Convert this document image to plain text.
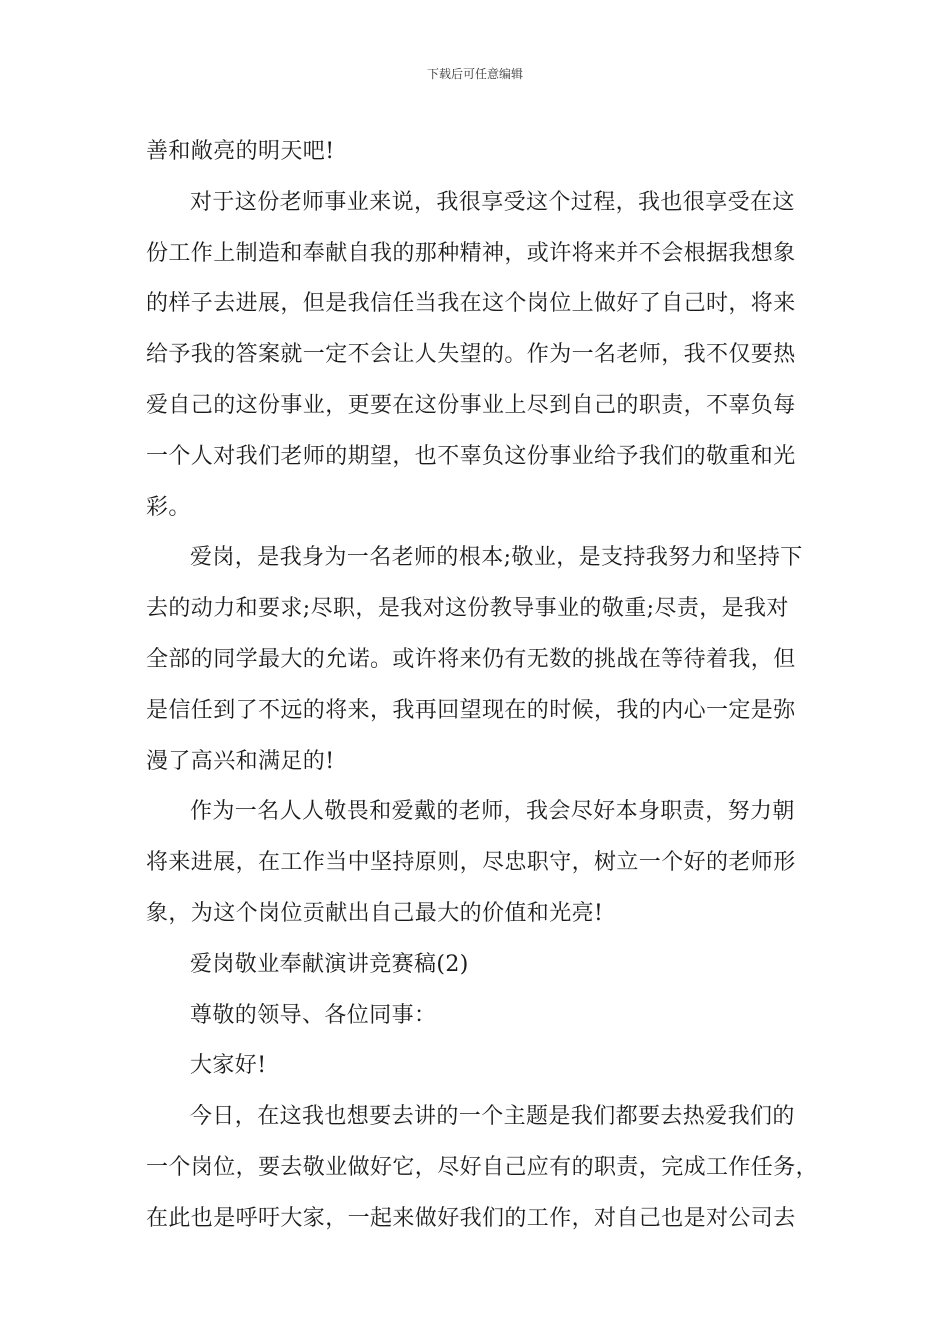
下载后可任意编辑

善和敞亮的明天吧!

对于这份老师事业来说，我很享受这个过程，我也很享受在这

份工作上制造和奉献自我的那种精神，或许将来并不会根据我想象

的样子去进展，但是我信任当我在这个岗位上做好了自己时，将来

给予我的答案就一定不会让人失望的。作为一名老师，我不仅要热

爱自己的这份事业，更要在这份事业上尽到自己的职责，不辜负每

一个人对我们老师的期望，也不辜负这份事业给予我们的敬重和光

彩。

爱岗，是我身为一名老师的根本;敬业，是支持我努力和坚持下

去的动力和要求;尽职，是我对这份教导事业的敬重;尽责，是我对

全部的同学最大的允诺。或许将来仍有无数的挑战在等待着我，但

是信任到了不远的将来，我再回望现在的时候，我的内心一定是弥

漫了高兴和满足的!

作为一名人人敬畏和爱戴的老师，我会尽好本身职责，努力朝

将来进展，在工作当中坚持原则，尽忠职守，树立一个好的老师形

象，为这个岗位贡献出自己最大的价值和光亮!

爱岗敬业奉献演讲竞赛稿(2)

尊敬的领导、各位同事：

大家好!

今日，在这我也想要去讲的一个主题是我们都要去热爱我们的

一个岗位，要去敬业做好它，尽好自己应有的职责，完成工作任务，

在此也是呼吁大家，一起来做好我们的工作，对自己也是对公司去
